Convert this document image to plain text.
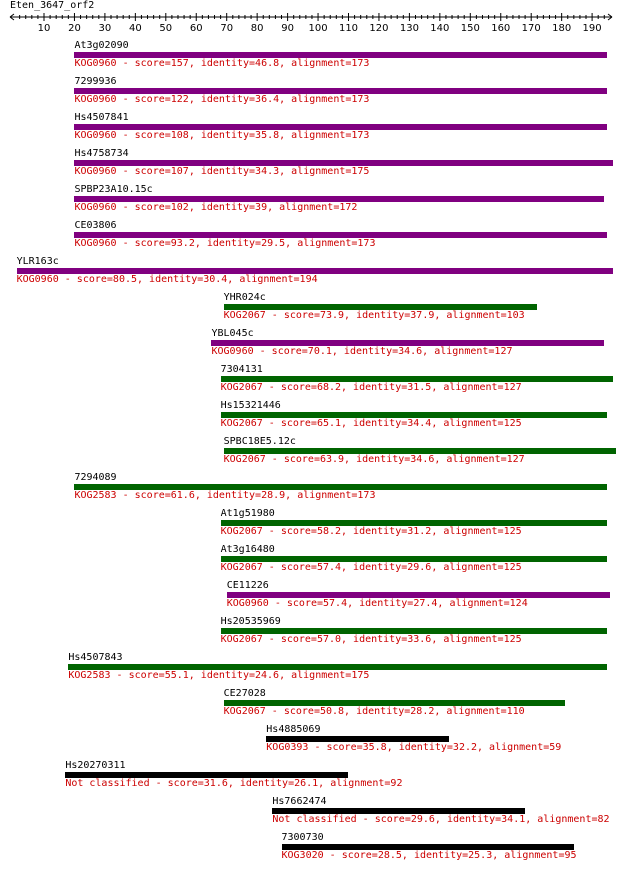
Eten_3647_orf2
10 20 30 40 50 60 70 80 90 100 110 120 130 140 150 160 170 180 190
At3g02090
KOG0960 - score=157, identity=46.8, alignment=173
7299936
KOG0960 - score=122, identity=36.4, alignment=173
Hs4507841
KOG0960 - score=108, identity=35.8, alignment=173
Hs4758734
KOG0960 - score=107, identity=34.3, alignment=175
SPBP23A10.15c
KOG0960 - score=102, identity=39, alignment=172
CE03806
KOG0960 - score=93.2, identity=29.5, alignment=173
YLR163c
KOG0960 - score=80.5, identity=30.4, alignment=194
YHR024c
KOG2067 - score=73.9, identity=37.9, alignment=103
YBL045c
KOG0960 - score=70.1, identity=34.6, alignment=127
7304131
KOG2067 - score=68.2, identity=31.5, alignment=127
Hs15321446
KOG2067 - score=65.1, identity=34.4, alignment=125
SPBC18E5.12c
KOG2067 - score=63.9, identity=34.6, alignment=127
7294089
KOG2583 - score=61.6, identity=28.9, alignment=173
At1g51980
KOG2067 - score=58.2, identity=31.2, alignment=125
At3g16480
KOG2067 - score=57.4, identity=29.6, alignment=125
CE11226
KOG0960 - score=57.4, identity=27.4, alignment=124
Hs20535969
KOG2067 - score=57.0, identity=33.6, alignment=125
Hs4507843
KOG2583 - score=55.1, identity=24.6, alignment=175
CE27028
KOG2067 - score=50.8, identity=28.2, alignment=110
Hs4885069
KOG0393 - score=35.8, identity=32.2, alignment=59
Hs20270311
Not classified - score=31.6, identity=26.1, alignment=92
Hs7662474
Not classified - score=29.6, identity=34.1, alignment=82
7300730
KOG3020 - score=28.5, identity=25.3, alignment=95
